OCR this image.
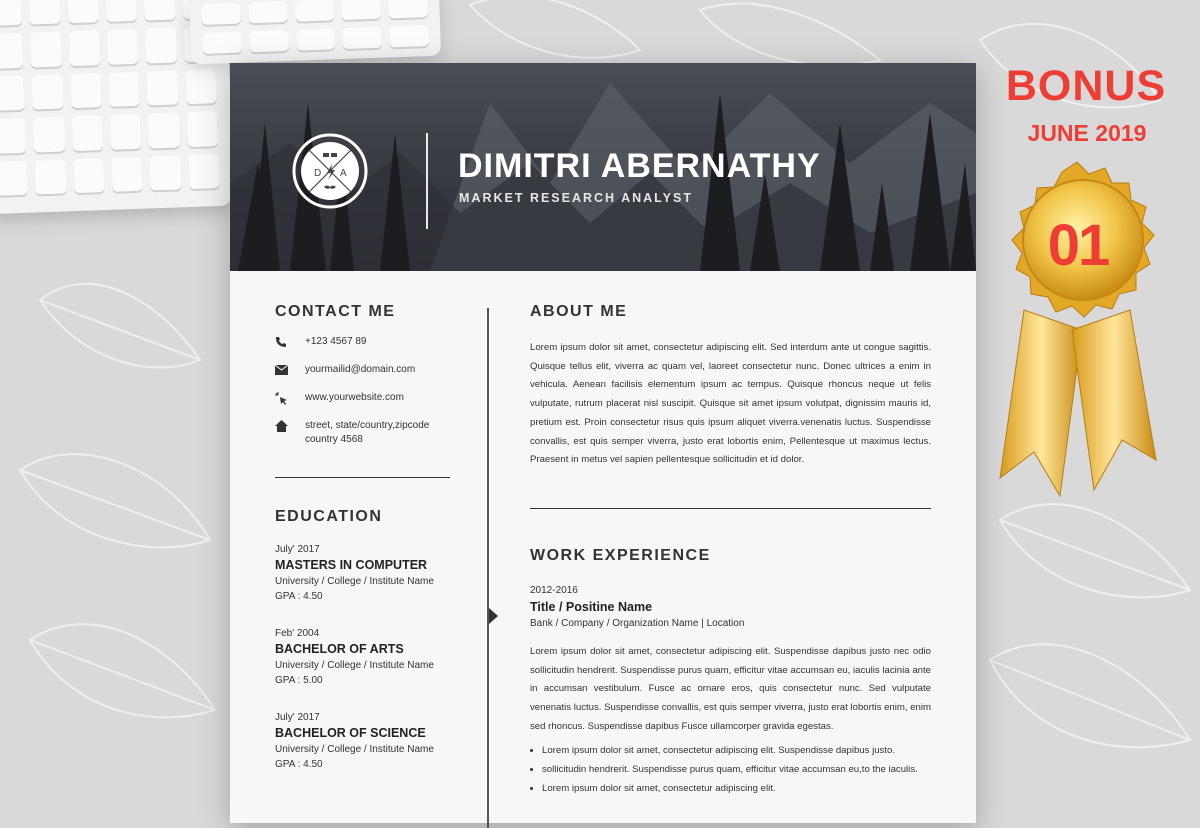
D A	DIMITRI ABERNATHY
MARKET RESEARCH ANALYST
CONTACT ME
+123 4567 89
yourmailid@domain.com
www.yourwebsite.com
street, state/country,zipcode
country 4568
EDUCATION
July' 2017
MASTERS IN COMPUTER
University / College / Institute Name
GPA : 4.50
Feb' 2004
BACHELOR OF ARTS
University / College / Institute Name
GPA : 5.00
July' 2017
BACHELOR OF SCIENCE
University / College / Institute Name
GPA : 4.50
ABOUT ME
Lorem ipsum dolor sit amet, consectetur adipiscing elit. Sed interdum ante ut congue sagittis. Quisque tellus elit, viverra ac quam vel, laoreet consectetur nunc. Donec ultrices a enim in vehicula. Aenean facilisis elementum ipsum ac tempus. Quisque rhoncus neque ut felis vulputate, rutrum placerat nisl suscipit. Quisque sit amet ipsum volutpat, dignissim mauris id, pretium est. Proin consectetur risus quis ipsum aliquet viverra.venenatis luctus. Suspendisse convallis, est quis semper viverra, justo erat lobortis enim, Pellentesque ut maximus lectus. Praesent in metus vel sapien pellentesque sollicitudin et id dolor.
WORK EXPERIENCE
2012-2016
Title / Positine Name
Bank / Company / Organization Name | Location
Lorem ipsum dolor sit amet, consectetur adipiscing elit. Suspendisse dapibus justo nec odio sollicitudin hendrerit. Suspendisse purus quam, efficitur vitae accumsan eu, iaculis lacinia ante in accumsan vestibulum. Fusce ac ornare eros, quis consectetur nunc. Sed vulputate venenatis luctus. Suspendisse convallis, est quis semper viverra, justo erat lobortis enim, enim sed rhoncus. Suspendisse dapibus Fusce ullamcorper gravida egestas.
• Lorem ipsum dolor sit amet, consectetur adipiscing elit. Suspendisse dapibus justo.
• sollicitudin hendrerit. Suspendisse purus quam, efficitur vitae accumsan eu,to the iaculis.
• Lorem ipsum dolor sit amet, consectetur adipiscing elit.
BONUS
JUNE 2019
01
